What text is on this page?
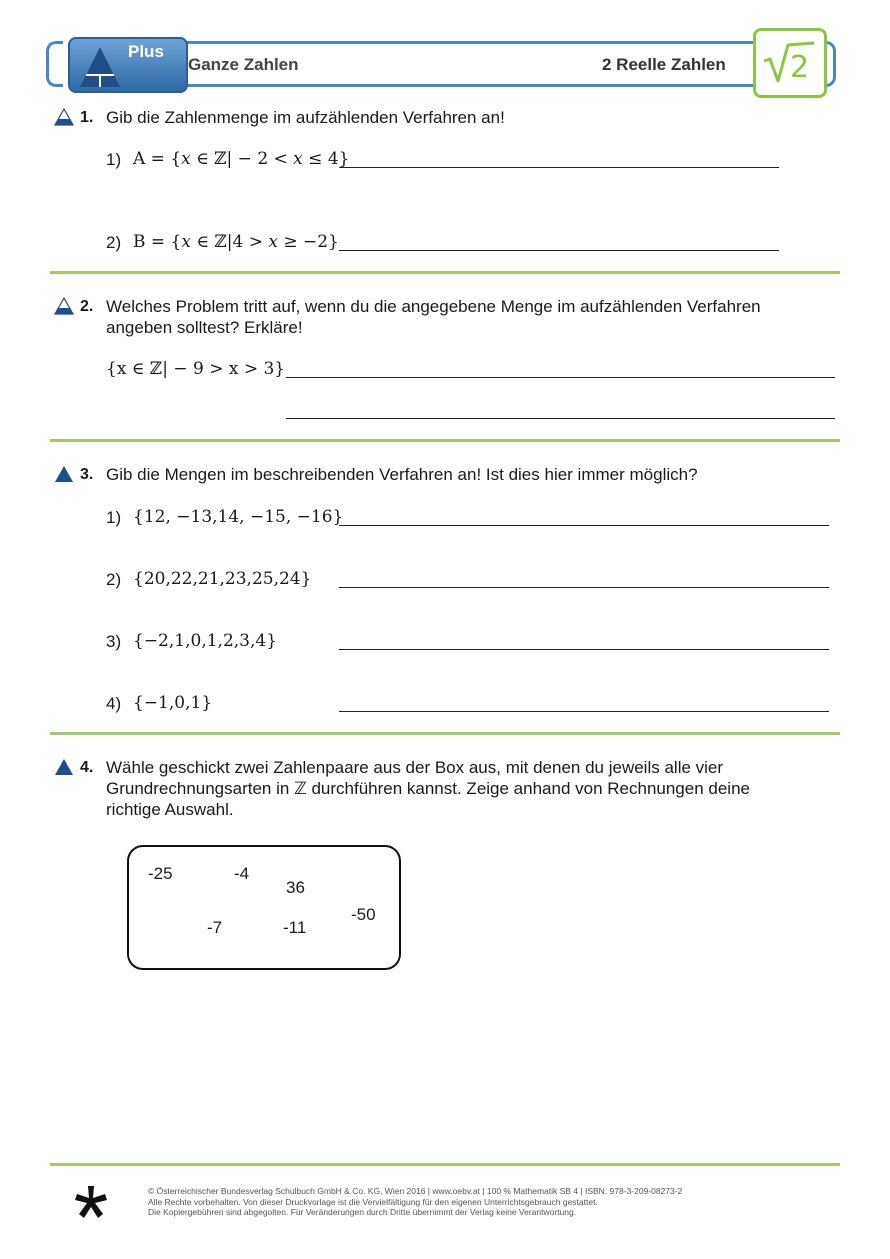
Plus
Ganze Zahlen	2 Reelle Zahlen 2
1. Gib die Zahlenmenge im aufzählenden Verfahren an!
1) A = {𝑥 ∈ ℤ| − 2 < 𝑥 ≤ 4}
2) B = {𝑥 ∈ ℤ|4 > 𝑥 ≥ −2}
2. Welches Problem tritt auf, wenn du die angegebene Menge im aufzählenden Verfahren
angeben solltest? Erkläre!
{x ∈ ℤ| − 9 > x > 3}
3. Gib die Mengen im beschreibenden Verfahren an! Ist dies hier immer möglich?
1) {12, −13,14, −15, −16}
2) {20,22,21,23,25,24}
3) {−2,1,0,1,2,3,4}
4) {−1,0,1}
4. Wähle geschickt zwei Zahlenpaare aus der Box aus, mit denen du jeweils alle vier
Grundrechnungsarten in ℤ durchführen kannst. Zeige anhand von Rechnungen deine
richtige Auswahl.
-25	-4
36
-50
-7	-11
© Österreichischer Bundesverlag Schulbuch GmbH & Co. KG, Wien 2016 | www.oebv.at | 100 % Mathematik SB 4 | ISBN: 978-3-209-08273-2
Alle Rechte vorbehalten. Von dieser Druckvorlage ist die Vervielfältigung für den eigenen Unterrichtsgebrauch gestattet.
Die Kopiergebühren sind abgegolten. Für Veränderungen durch Dritte übernimmt der Verlag keine Verantwortung.
